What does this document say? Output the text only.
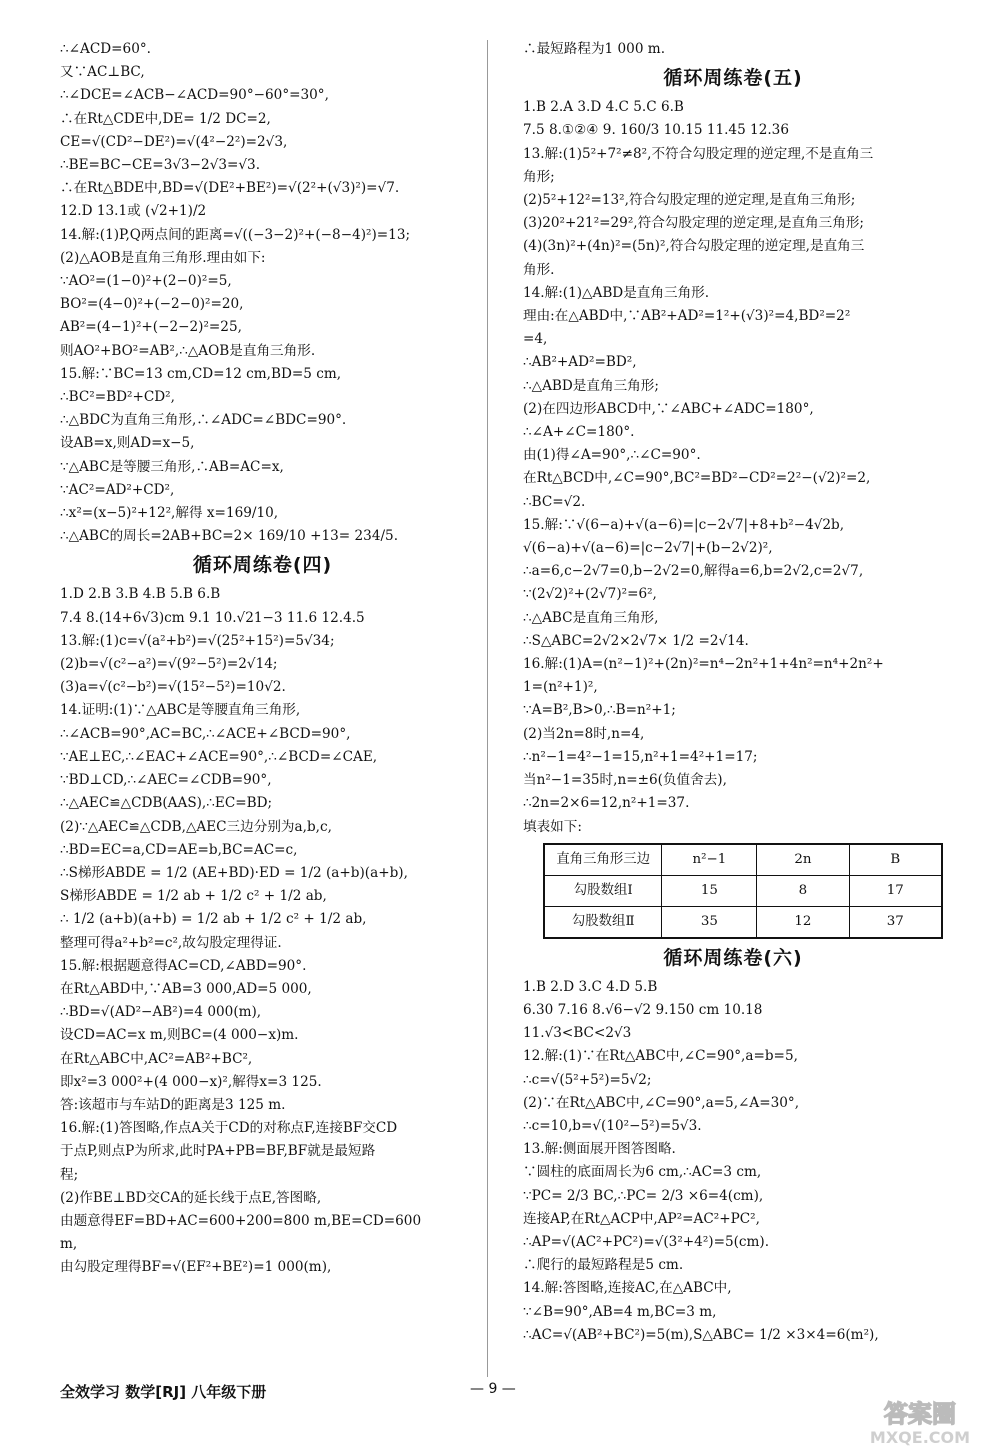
∴∠ACD=60°.
又∵AC⊥BC,
∴∠DCE=∠ACB−∠ACD=90°−60°=30°,
∴在Rt△CDE中,DE= 1/2 DC=2,
CE=√(CD²−DE²)=√(4²−2²)=2√3,
∴BE=BC−CE=3√3−2√3=√3.
∴在Rt△BDE中,BD=√(DE²+BE²)=√(2²+(√3)²)=√7.
12.D 13.1或 (√2+1)/2
14.解:(1)P,Q两点间的距离=√((−3−2)²+(−8−4)²)=13;
(2)△AOB是直角三角形.理由如下:
∵AO²=(1−0)²+(2−0)²=5,
BO²=(4−0)²+(−2−0)²=20,
AB²=(4−1)²+(−2−2)²=25,
则AO²+BO²=AB²,∴△AOB是直角三角形.
15.解:∵BC=13 cm,CD=12 cm,BD=5 cm,
∴BC²=BD²+CD²,
∴△BDC为直角三角形,∴∠ADC=∠BDC=90°.
设AB=x,则AD=x−5,
∵△ABC是等腰三角形,∴AB=AC=x,
∵AC²=AD²+CD²,
∴x²=(x−5)²+12²,解得 x=169/10,
∴△ABC的周长=2AB+BC=2× 169/10 +13= 234/5.
循环周练卷(四)
1.D 2.B 3.B 4.B 5.B 6.B
7.4 8.(14+6√3)cm 9.1 10.√21−3 11.6 12.4.5
13.解:(1)c=√(a²+b²)=√(25²+15²)=5√34;
(2)b=√(c²−a²)=√(9²−5²)=2√14;
(3)a=√(c²−b²)=√(15²−5²)=10√2.
14.证明:(1)∵△ABC是等腰直角三角形,
∴∠ACB=90°,AC=BC,∴∠ACE+∠BCD=90°,
∵AE⊥EC,∴∠EAC+∠ACE=90°,∴∠BCD=∠CAE,
∵BD⊥CD,∴∠AEC=∠CDB=90°,
∴△AEC≌△CDB(AAS),∴EC=BD;
(2)∵△AEC≌△CDB,△AEC三边分别为a,b,c,
∴BD=EC=a,CD=AE=b,BC=AC=c,
∴S梯形ABDE = 1/2 (AE+BD)·ED = 1/2 (a+b)(a+b),
S梯形ABDE = 1/2 ab + 1/2 c² + 1/2 ab,
∴ 1/2 (a+b)(a+b) = 1/2 ab + 1/2 c² + 1/2 ab,
整理可得a²+b²=c²,故勾股定理得证.
15.解:根据题意得AC=CD,∠ABD=90°.
在Rt△ABD中,∵AB=3 000,AD=5 000,
∴BD=√(AD²−AB²)=4 000(m),
设CD=AC=x m,则BC=(4 000−x)m.
在Rt△ABC中,AC²=AB²+BC²,
即x²=3 000²+(4 000−x)²,解得x=3 125.
答:该超市与车站D的距离是3 125 m.
16.解:(1)答图略,作点A关于CD的对称点F,连接BF交CD
于点P,则点P为所求,此时PA+PB=BF,BF就是最短路
程;
(2)作BE⊥BD交CA的延长线于点E,答图略,
由题意得EF=BD+AC=600+200=800 m,BE=CD=600
m,
由勾股定理得BF=√(EF²+BE²)=1 000(m),
∴最短路程为1 000 m.
循环周练卷(五)
1.B 2.A 3.D 4.C 5.C 6.B
7.5 8.①②④ 9. 160/3 10.15 11.45 12.36
13.解:(1)5²+7²≠8²,不符合勾股定理的逆定理,不是直角三
角形;
(2)5²+12²=13²,符合勾股定理的逆定理,是直角三角形;
(3)20²+21²=29²,符合勾股定理的逆定理,是直角三角形;
(4)(3n)²+(4n)²=(5n)²,符合勾股定理的逆定理,是直角三
角形.
14.解:(1)△ABD是直角三角形.
理由:在△ABD中,∵AB²+AD²=1²+(√3)²=4,BD²=2²
=4,
∴AB²+AD²=BD²,
∴△ABD是直角三角形;
(2)在四边形ABCD中,∵∠ABC+∠ADC=180°,
∴∠A+∠C=180°.
由(1)得∠A=90°,∴∠C=90°.
在Rt△BCD中,∠C=90°,BC²=BD²−CD²=2²−(√2)²=2,
∴BC=√2.
15.解:∵√(6−a)+√(a−6)=|c−2√7|+8+b²−4√2b,
√(6−a)+√(a−6)=|c−2√7|+(b−2√2)²,
∴a=6,c−2√7=0,b−2√2=0,解得a=6,b=2√2,c=2√7,
∵(2√2)²+(2√7)²=6²,
∴△ABC是直角三角形,
∴S△ABC=2√2×2√7× 1/2 =2√14.
16.解:(1)A=(n²−1)²+(2n)²=n⁴−2n²+1+4n²=n⁴+2n²+
1=(n²+1)²,
∵A=B²,B>0,∴B=n²+1;
(2)当2n=8时,n=4,
∴n²−1=4²−1=15,n²+1=4²+1=17;
当n²−1=35时,n=±6(负值舍去),
∴2n=2×6=12,n²+1=37.
填表如下:
直角三角形三边	n²−1	2n	B
勾股数组Ⅰ	15	8	17
勾股数组Ⅱ	35	12	37
循环周练卷(六)
1.B 2.D 3.C 4.D 5.B
6.30 7.16 8.√6−√2 9.150 cm 10.18
11.√3<BC<2√3
12.解:(1)∵在Rt△ABC中,∠C=90°,a=b=5,
∴c=√(5²+5²)=5√2;
(2)∵在Rt△ABC中,∠C=90°,a=5,∠A=30°,
∴c=10,b=√(10²−5²)=5√3.
13.解:侧面展开图答图略.
∵圆柱的底面周长为6 cm,∴AC=3 cm,
∵PC= 2/3 BC,∴PC= 2/3 ×6=4(cm),
连接AP,在Rt△ACP中,AP²=AC²+PC²,
∴AP=√(AC²+PC²)=√(3²+4²)=5(cm).
∴爬行的最短路程是5 cm.
14.解:答图略,连接AC,在△ABC中,
∵∠B=90°,AB=4 m,BC=3 m,
∴AC=√(AB²+BC²)=5(m),S△ABC= 1/2 ×3×4=6(m²),
全效学习 数学[RJ] 八年级下册	— 9 —
答案圈
MXQE.COM
